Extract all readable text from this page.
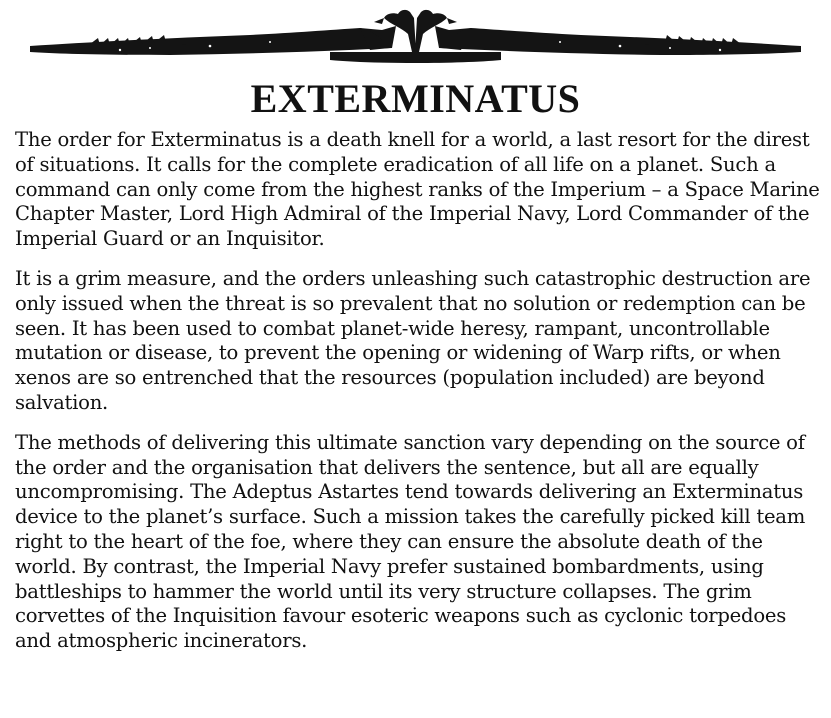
EXTERMINATUS

The order for Exterminatus is a death knell for a world, a last resort for the direst of situations. It calls for the complete eradication of all life on a planet. Such a command can only come from the highest ranks of the Imperium – a Space Marine Chapter Master, Lord High Admiral of the Imperial Navy, Lord Commander of the Imperial Guard or an Inquisitor.

It is a grim measure, and the orders unleashing such catastrophic destruction are only issued when the threat is so prevalent that no solution or redemption can be seen. It has been used to combat planet-wide heresy, rampant, uncontrollable mutation or disease, to prevent the opening or widening of Warp rifts, or when xenos are so entrenched that the resources (population included) are beyond salvation.

The methods of delivering this ultimate sanction vary depending on the source of the order and the organisation that delivers the sentence, but all are equally uncompromising. The Adeptus Astartes tend towards delivering an Exterminatus device to the planet’s surface. Such a mission takes the carefully picked kill team right to the heart of the foe, where they can ensure the absolute death of the world. By contrast, the Imperial Navy prefer sustained bombardments, using battleships to hammer the world until its very structure collapses. The grim corvettes of the Inquisition favour esoteric weapons such as cyclonic torpedoes and atmospheric incinerators.
